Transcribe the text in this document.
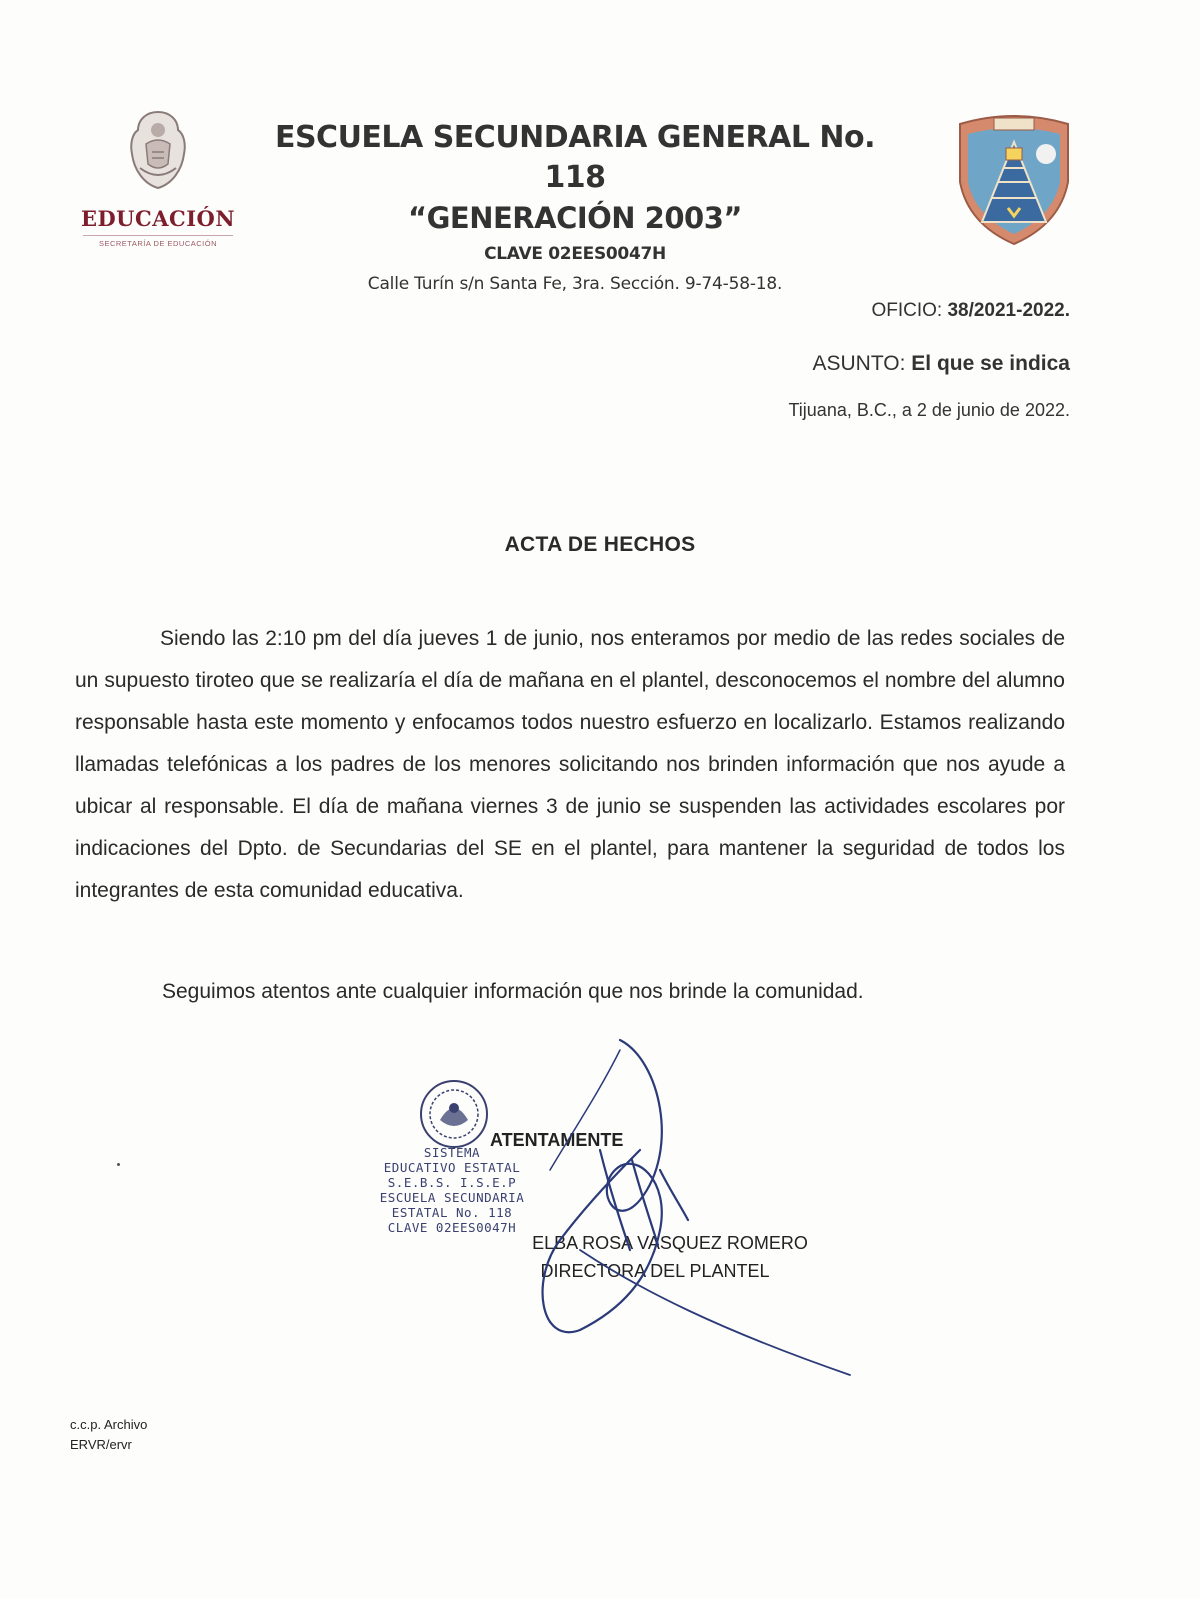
EDUCACIÓN
SECRETARÍA DE EDUCACIÓN
ESCUELA SECUNDARIA GENERAL No. 118
“GENERACIÓN 2003”
CLAVE 02EES0047H
Calle Turín s/n Santa Fe, 3ra. Sección. 9-74-58-18.
OFICIO: 38/2021-2022.
ASUNTO: El que se indica
Tijuana, B.C., a 2 de junio de 2022.
ACTA DE HECHOS
Siendo las 2:10 pm del día jueves 1 de junio, nos enteramos por medio de las redes sociales de un supuesto tiroteo que se realizaría el día de mañana en el plantel, desconocemos el nombre del alumno responsable hasta este momento y enfocamos todos nuestro esfuerzo en localizarlo. Estamos realizando llamadas telefónicas a los padres de los menores solicitando nos brinden información que nos ayude a ubicar al responsable. El día de mañana viernes 3 de junio se suspenden las actividades escolares por indicaciones del Dpto. de Secundarias del SE en el plantel, para mantener la seguridad de todos los integrantes de esta comunidad educativa.
Seguimos atentos ante cualquier información que nos brinde la comunidad.
SISTEMA
EDUCATIVO ESTATAL
S.E.B.S. I.S.E.P
ESCUELA SECUNDARIA
ESTATAL No. 118
CLAVE 02EES0047H
ATENTAMENTE
ELBA ROSA VASQUEZ ROMERO
DIRECTORA DEL PLANTEL
c.c.p. Archivo
ERVR/ervr
